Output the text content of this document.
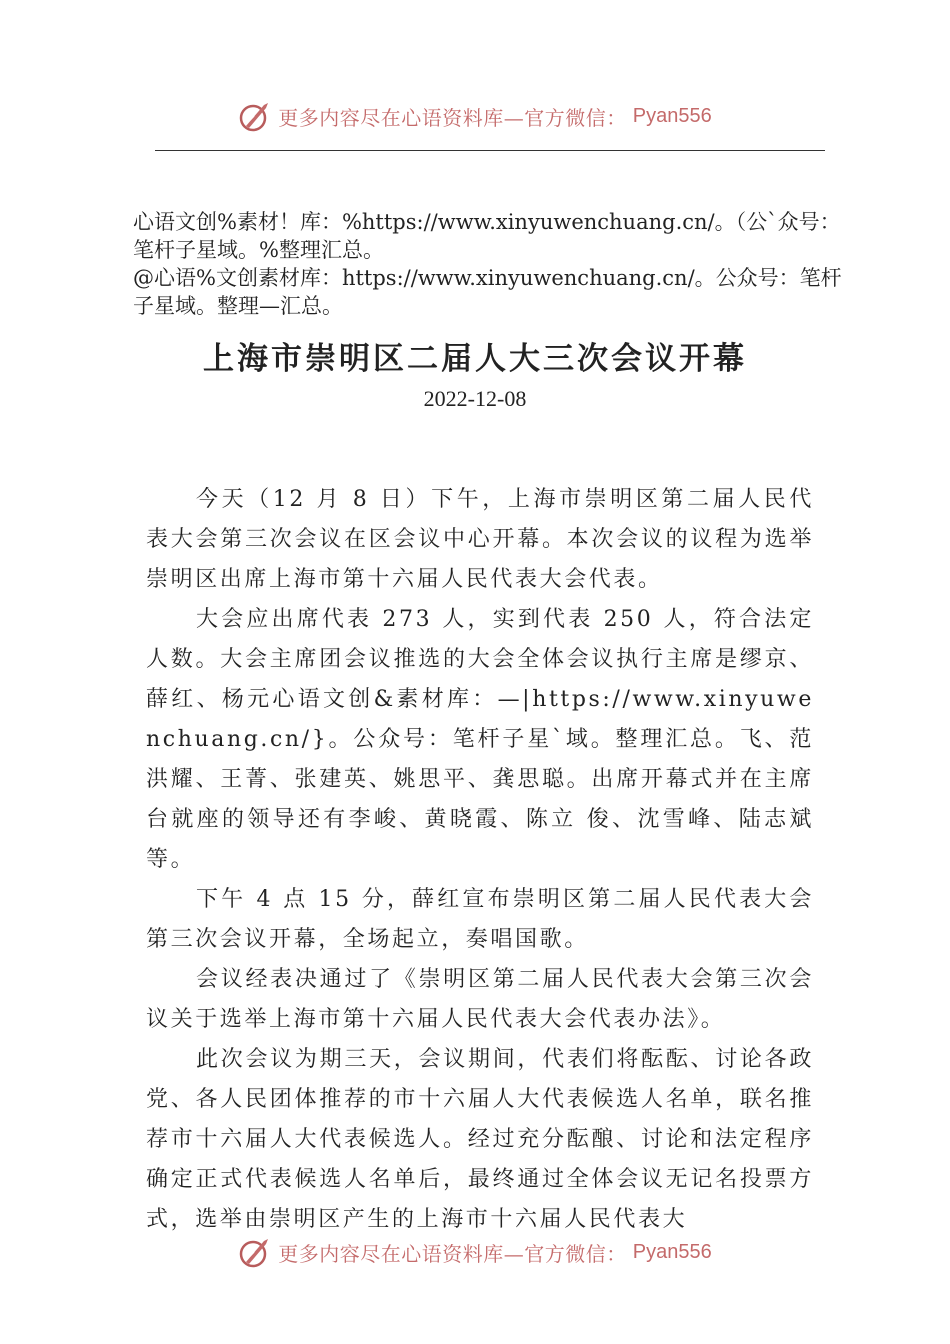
更多内容尽在心语资料库—官方微信： Pyan556

心语文创%素材！库：%https://www.xinyuwenchuang.cn/。（公`众号：笔杆子星域。%整理汇总。

@心语%文创素材库：https://www.xinyuwenchuang.cn/。公众号：笔杆子星域。整理—汇总。

上海市崇明区二届人大三次会议开幕
2022-12-08

今天（12 月 8 日）下午，上海市崇明区第二届人民代表大会第三次会议在区会议中心开幕。本次会议的议程为选举崇明区出席上海市第十六届人民代表大会代表。

大会应出席代表 273 人，实到代表 250 人，符合法定人数。大会主席团会议推选的大会全体会议执行主席是缪京、薛红、杨元心语文创&素材库：—|https://www.xinyuwenchuang.cn/}。公众号：笔杆子星`域。整理汇总。飞、范洪耀、王菁、张建英、姚思平、龚思聪。出席开幕式并在主席台就座的领导还有李峻、黄晓霞、陈立 俊、沈雪峰、陆志斌等。

下午 4 点 15 分，薛红宣布崇明区第二届人民代表大会第三次会议开幕，全场起立，奏唱国歌。

会议经表决通过了《崇明区第二届人民代表大会第三次会议关于选举上海市第十六届人民代表大会代表办法》。

此次会议为期三天，会议期间，代表们将酝酝、讨论各政党、各人民团体推荐的市十六届人大代表候选人名单，联名推荐市十六届人大代表候选人。经过充分酝酿、讨论和法定程序确定正式代表候选人名单后，最终通过全体会议无记名投票方式，选举由崇明区产生的上海市十六届人民代表大

更多内容尽在心语资料库—官方微信： Pyan556
